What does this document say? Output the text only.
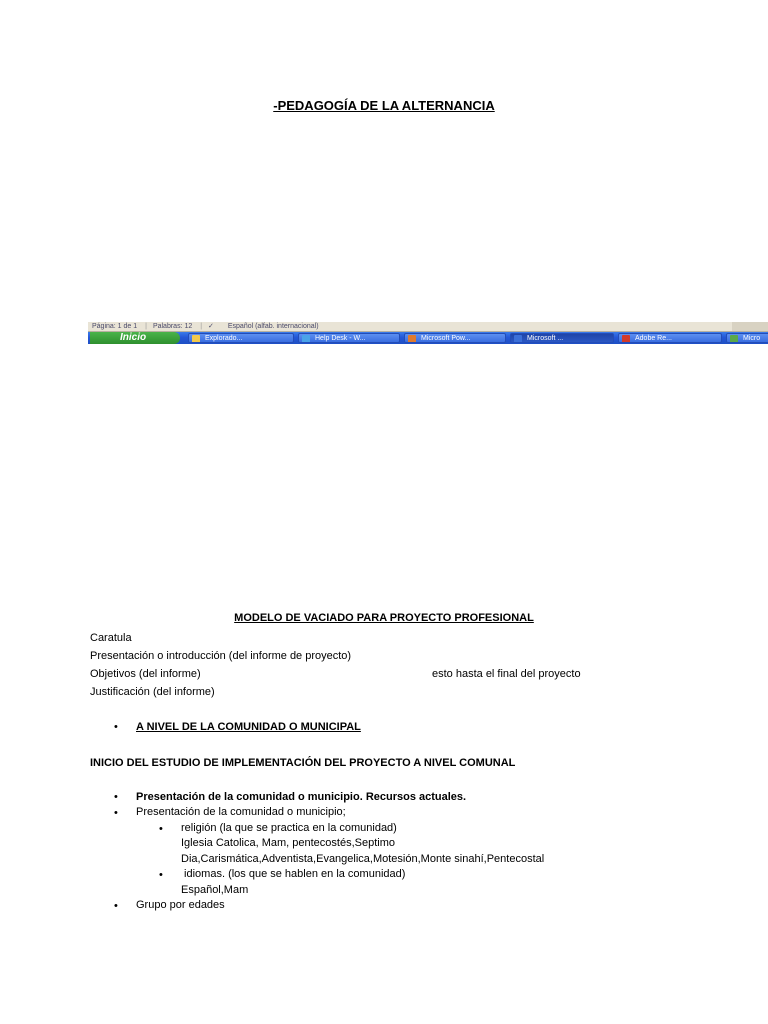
-PEDAGOGÍA DE LA ALTERNANCIA
Página: 1 de 1 | Palabras: 12 | ✓ Español (alfab. internacional)
Inicio	Explorado...	Help Desk - W...	Microsoft Pow...	Microsoft ...	Adobe Re...	Micro
MODELO DE VACIADO PARA PROYECTO PROFESIONAL
Caratula
Presentación o introducción (del informe de proyecto)
Objetivos (del informe)	esto hasta el final del proyecto
Justificación (del informe)
• A NIVEL DE LA COMUNIDAD O MUNICIPAL
INICIO DEL ESTUDIO DE IMPLEMENTACIÓN DEL PROYECTO A NIVEL COMUNAL
• Presentación de la comunidad o municipio. Recursos actuales.
• Presentación de la comunidad o municipio;
• religión (la que se practica en la comunidad)
Iglesia Catolica, Mam, pentecostés,Septimo
Dia,Carismática,Adventista,Evangelica,Motesión,Monte sinahí,Pentecostal
• idiomas. (los que se hablen en la comunidad)
Español,Mam
• Grupo por edades
